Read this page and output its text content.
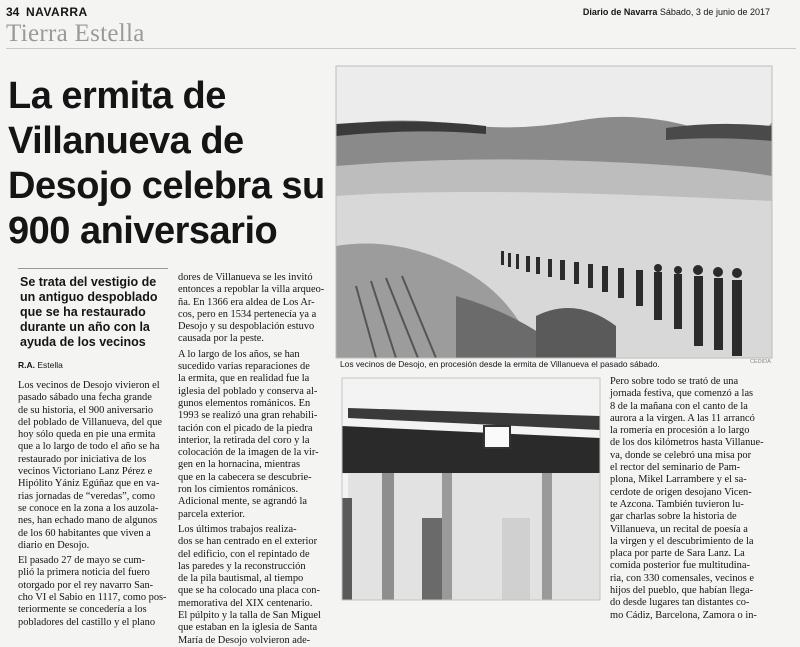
34 NAVARRA
Tierra Estella
Diario de Navarra Sábado, 3 de junio de 2017
La ermita de
Villanueva de
Desojo celebra su
900 aniversario
Se trata del vestigio de
un antiguo despoblado
que se ha restaurado
durante un año con la
ayuda de los vecinos
R.A. Estella
Los vecinos de Desojo vivieron el
pasado sábado una fecha grande
de su historia, el 900 aniversario
del poblado de Villanueva, del que
hoy sólo queda en pie una ermita
que a lo largo de todo el año se ha
restaurado por iniciativa de los
vecinos Victoriano Lanz Pérez e
Hipólito Yániz Egúñaz que en va-
rias jornadas de “veredas”, como
se conoce en la zona a los auzola-
nes, han echado mano de algunos
de los 60 habitantes que viven a
diario en Desojo.
El pasado 27 de mayo se cum-
plió la primera noticia del fuero
otorgado por el rey navarro San-
cho VI el Sabio en 1117, como pos-
teriormente se concedería a los
pobladores del castillo y el plano
dores de Villanueva se les invitó
entonces a repoblar la villa arqueo-
ña. En 1366 era aldea de Los Ar-
cos, pero en 1534 pertenecía ya a
Desojo y su despoblación estuvo
causada por la peste.
A lo largo de los años, se han
sucedido varias reparaciones de
la ermita, que en realidad fue la
iglesia del poblado y conserva al-
gunos elementos románicos. En
1993 se realizó una gran rehabili-
tación con el picado de la piedra
interior, la retirada del coro y la
colocación de la imagen de la vir-
gen en la hornacina, mientras
que en la cabecera se descubrie-
ron los cimientos románicos.
Adicional mente, se agrandó la
parcela exterior.
Los últimos trabajos realiza-
dos se han centrado en el exterior
del edificio, con el repintado de
las paredes y la reconstrucción
de la pila bautismal, al tiempo
que se ha colocado una placa con-
memorativa del XIX centenario.
El púlpito y la talla de San Miguel
que estaban en la iglesia de Santa
María de Desojo volvieron ade-
Los vecinos de Desojo, en procesión desde la ermita de Villanueva el pasado sábado.	CEDIDA
Pero sobre todo se trató de una
jornada festiva, que comenzó a las
8 de la mañana con el canto de la
aurora a la virgen. A las 11 arrancó
la romería en procesión a lo largo
de los dos kilómetros hasta Villanue-
va, donde se celebró una misa por
el rector del seminario de Pam-
plona, Mikel Larrambere y el sa-
cerdote de origen desojano Vicen-
te Azcona. También tuvieron lu-
gar charlas sobre la historia de
Villanueva, un recital de poesía a
la virgen y el descubrimiento de la
placa por parte de Sara Lanz. La
comida posterior fue multitudina-
ria, con 330 comensales, vecinos e
hijos del pueblo, que habían llega-
do desde lugares tan distantes co-
mo Cádiz, Barcelona, Zamora o in-
